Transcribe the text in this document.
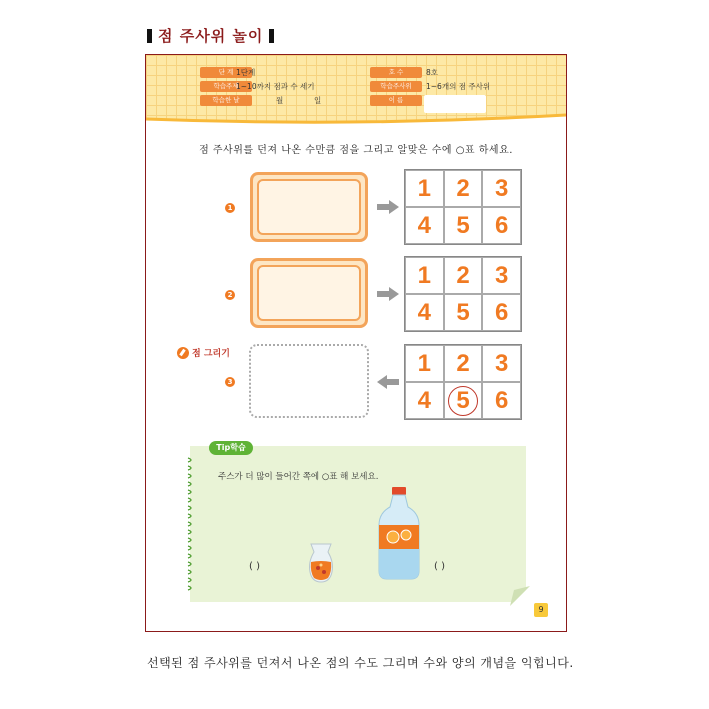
점 주사위 놀이
단 계 1단계
학습주제
1~10까지 점과 수 세기
학습한 날	월	일
호 수	8호
학습주사위	1~6개의 점 주사위
이 름
점 주사위를 던져 나온 수만큼 점을 그리고 알맞은 수에 ○표 하세요.
1
1	2	3
4	5	6
2
1	2	3
4	5	6
점 그리기
3
1	2	3
4	5	6
Tip학습
주스가 더 많이 들어간 쪽에 ○표 해 보세요.
( )	( )
9
선택된 점 주사위를 던져서 나온 점의 수도 그리며 수와 양의 개념을 익힙니다.
